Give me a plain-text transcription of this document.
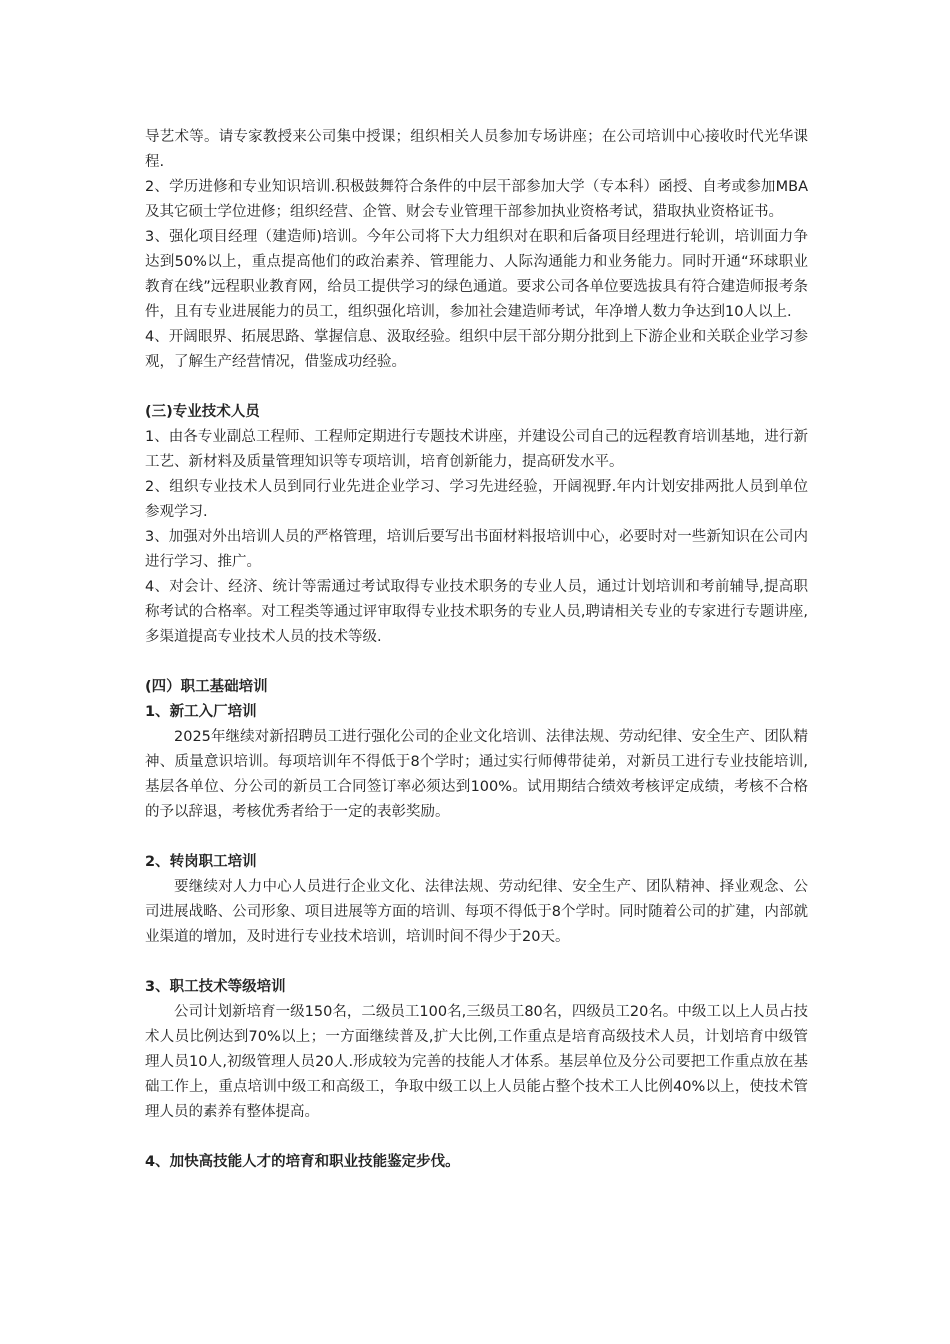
导艺术等。请专家教授来公司集中授课；组织相关人员参加专场讲座；在公司培训中心接收时代光华课程.

2、学历进修和专业知识培训.积极鼓舞符合条件的中层干部参加大学（专本科）函授、自考或参加MBA及其它硕士学位进修；组织经营、企管、财会专业管理干部参加执业资格考试，猎取执业资格证书。

3、强化项目经理（建造师)培训。今年公司将下大力组织对在职和后备项目经理进行轮训，培训面力争达到50%以上，重点提高他们的政治素养、管理能力、人际沟通能力和业务能力。同时开通“环球职业教育在线”远程职业教育网，给员工提供学习的绿色通道。要求公司各单位要选拔具有符合建造师报考条件，且有专业进展能力的员工，组织强化培训，参加社会建造师考试，年净增人数力争达到10人以上.

4、开阔眼界、拓展思路、掌握信息、汲取经验。组织中层干部分期分批到上下游企业和关联企业学习参观，了解生产经营情况，借鉴成功经验。

(三)专业技术人员

1、由各专业副总工程师、工程师定期进行专题技术讲座，并建设公司自己的远程教育培训基地，进行新工艺、新材料及质量管理知识等专项培训，培育创新能力，提高研发水平。

2、组织专业技术人员到同行业先进企业学习、学习先进经验，开阔视野.年内计划安排两批人员到单位参观学习.

3、加强对外出培训人员的严格管理，培训后要写出书面材料报培训中心，必要时对一些新知识在公司内进行学习、推广。

4、对会计、经济、统计等需通过考试取得专业技术职务的专业人员，通过计划培训和考前辅导,提高职称考试的合格率。对工程类等通过评审取得专业技术职务的专业人员,聘请相关专业的专家进行专题讲座,多渠道提高专业技术人员的技术等级.

(四）职工基础培训

1、新工入厂培训

2025年继续对新招聘员工进行强化公司的企业文化培训、法律法规、劳动纪律、安全生产、团队精神、质量意识培训。每项培训年不得低于8个学时；通过实行师傅带徒弟，对新员工进行专业技能培训,基层各单位、分公司的新员工合同签订率必须达到100%。试用期结合绩效考核评定成绩，考核不合格的予以辞退，考核优秀者给于一定的表彰奖励。

2、转岗职工培训

要继续对人力中心人员进行企业文化、法律法规、劳动纪律、安全生产、团队精神、择业观念、公司进展战略、公司形象、项目进展等方面的培训、每项不得低于8个学时。同时随着公司的扩建，内部就业渠道的增加，及时进行专业技术培训，培训时间不得少于20天。

3、职工技术等级培训

公司计划新培育一级150名，二级员工100名,三级员工80名，四级员工20名。中级工以上人员占技术人员比例达到70%以上；一方面继续普及,扩大比例,工作重点是培育高级技术人员，计划培育中级管理人员10人,初级管理人员20人.形成较为完善的技能人才体系。基层单位及分公司要把工作重点放在基础工作上，重点培训中级工和高级工，争取中级工以上人员能占整个技术工人比例40%以上，使技术管理人员的素养有整体提高。

4、加快高技能人才的培育和职业技能鉴定步伐。
